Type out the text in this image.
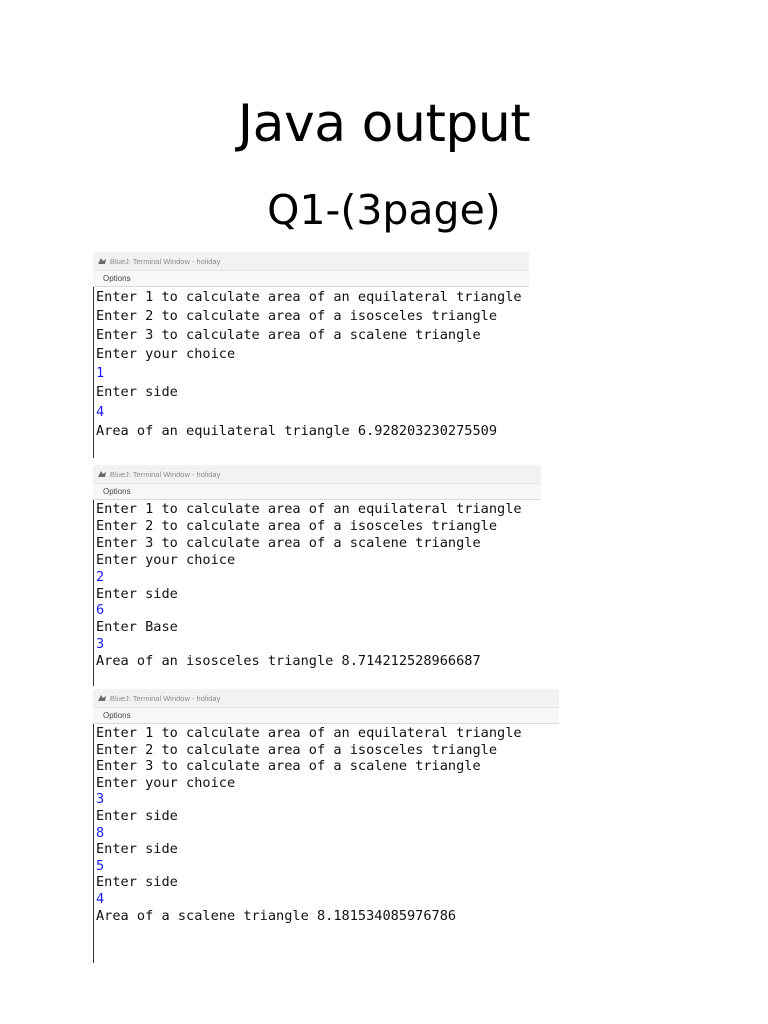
Java output
Q1-(3page)
BlueJ: Terminal Window - holiday
Options
Enter 1 to calculate area of an equilateral triangle
Enter 2 to calculate area of a isosceles triangle
Enter 3 to calculate area of a scalene triangle
Enter your choice
1
Enter side
4
Area of an equilateral triangle 6.928203230275509
BlueJ: Terminal Window - holiday
Options
Enter 1 to calculate area of an equilateral triangle
Enter 2 to calculate area of a isosceles triangle
Enter 3 to calculate area of a scalene triangle
Enter your choice
2
Enter side
6
Enter Base
3
Area of an isosceles triangle 8.714212528966687
BlueJ: Terminal Window - holiday
Options
Enter 1 to calculate area of an equilateral triangle
Enter 2 to calculate area of a isosceles triangle
Enter 3 to calculate area of a scalene triangle
Enter your choice
3
Enter side
8
Enter side
5
Enter side
4
Area of a scalene triangle 8.181534085976786
